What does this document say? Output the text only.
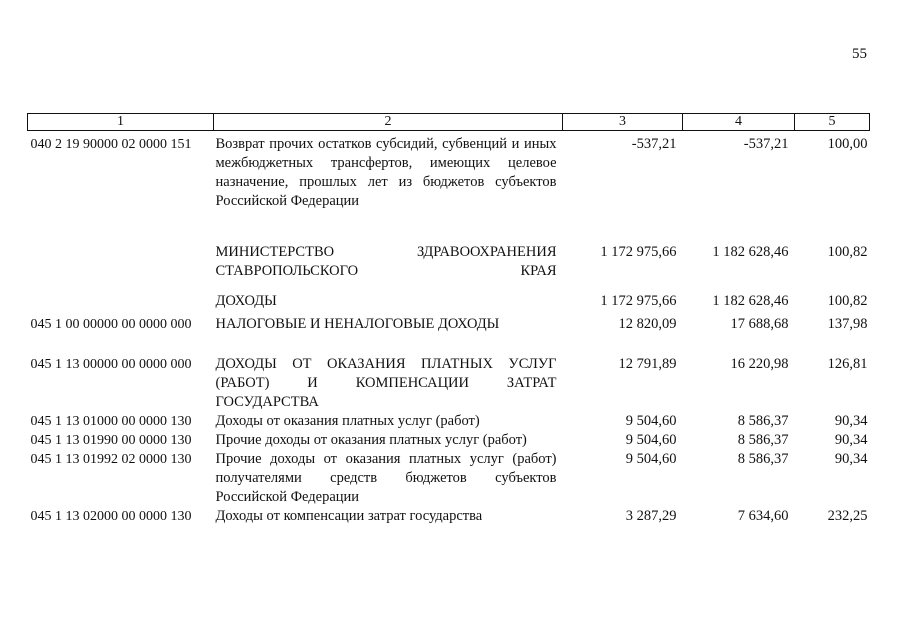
55
1	2	3	4	5
040 2 19 90000 02 0000 151	Возврат прочих остатков субсидий, субвенций и иных межбюджетных трансфертов, имеющих целевое назначение, прошлых лет из бюджетов субъектов Российской Федерации	-537,21	-537,21	100,00
	МИНИСТЕРСТВО ЗДРАВООХРАНЕНИЯ СТАВРОПОЛЬСКОГО КРАЯ	1 172 975,66	1 182 628,46	100,82
	ДОХОДЫ	1 172 975,66	1 182 628,46	100,82
045 1 00 00000 00 0000 000	НАЛОГОВЫЕ И НЕНАЛОГОВЫЕ ДОХОДЫ	12 820,09	17 688,68	137,98
045 1 13 00000 00 0000 000	ДОХОДЫ ОТ ОКАЗАНИЯ ПЛАТНЫХ УСЛУГ (РАБОТ) И КОМПЕНСАЦИИ ЗАТРАТ ГОСУДАРСТВА	12 791,89	16 220,98	126,81
045 1 13 01000 00 0000 130	Доходы от оказания платных услуг (работ)	9 504,60	8 586,37	90,34
045 1 13 01990 00 0000 130	Прочие доходы от оказания платных услуг (работ)	9 504,60	8 586,37	90,34
045 1 13 01992 02 0000 130	Прочие доходы от оказания платных услуг (работ) получателями средств бюджетов субъектов Российской Федерации	9 504,60	8 586,37	90,34
045 1 13 02000 00 0000 130	Доходы от компенсации затрат государства	3 287,29	7 634,60	232,25
